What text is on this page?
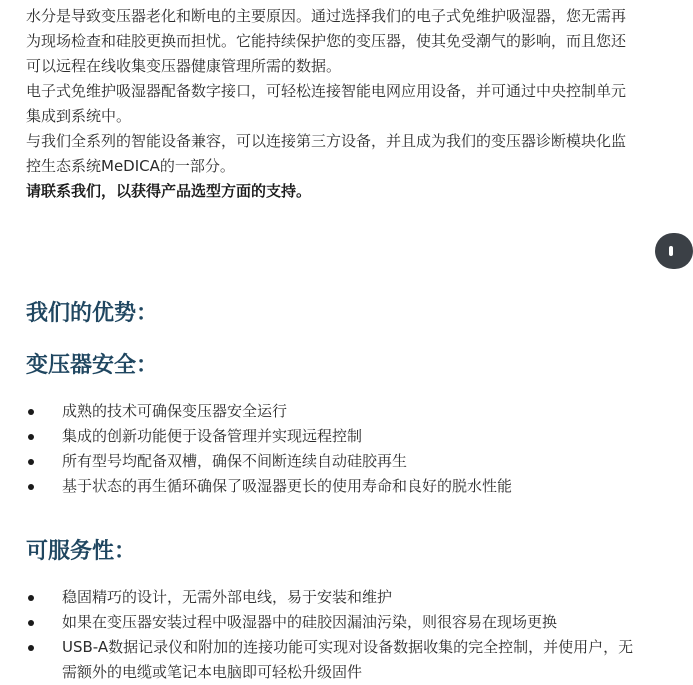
水分是导致变压器老化和断电的主要原因。通过选择我们的电子式免维护吸湿器，您无需再为现场检查和硅胶更换而担忧。它能持续保护您的变压器，使其免受潮气的影响，而且您还可以远程在线收集变压器健康管理所需的数据。

电子式免维护吸湿器配备数字接口，可轻松连接智能电网应用设备，并可通过中央控制单元集成到系统中。

与我们全系列的智能设备兼容，可以连接第三方设备，并且成为我们的变压器诊断模块化监控生态系统MeDICA的一部分。

请联系我们，以获得产品选型方面的支持。

我们的优势：
变压器安全：
成熟的技术可确保变压器安全运行
集成的创新功能便于设备管理并实现远程控制
所有型号均配备双槽，确保不间断连续自动硅胶再生
基于状态的再生循环确保了吸湿器更长的使用寿命和良好的脱水性能
可服务性：
稳固精巧的设计，无需外部电线，易于安装和维护
如果在变压器安装过程中吸湿器中的硅胶因漏油污染，则很容易在现场更换
USB-A数据记录仪和附加的连接功能可实现对设备数据收集的完全控制，并使用户，无需额外的电缆或笔记本电脑即可轻松升级固件
